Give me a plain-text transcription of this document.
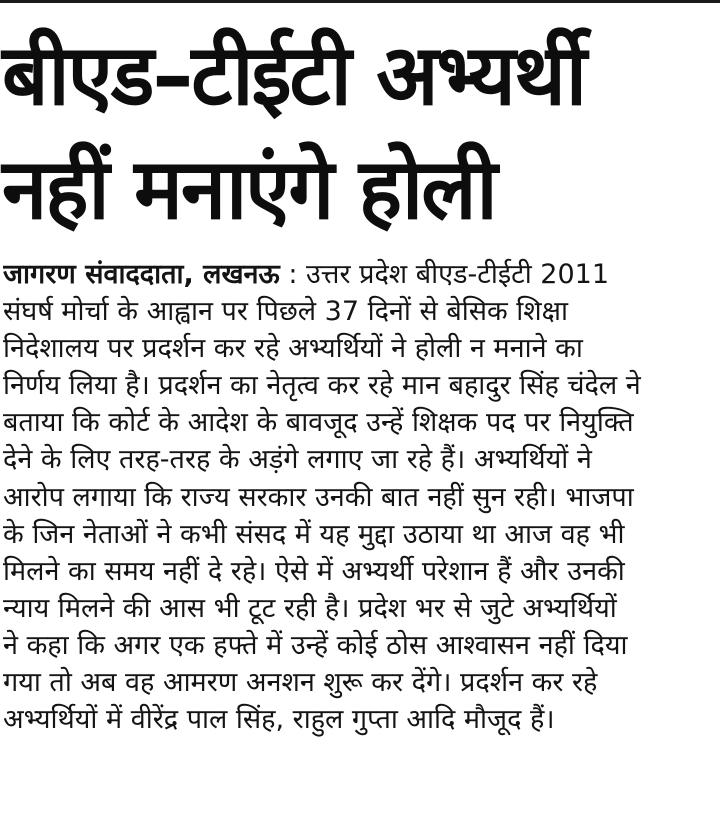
बीएड–टीईटी अभ्यर्थी
नहीं मनाएंगे होली
जागरण संवाददाता, लखनऊ : उत्तर प्रदेश बीएड-टीईटी 2011
संघर्ष मोर्चा के आह्वान पर पिछले 37 दिनों से बेसिक शिक्षा
निदेशालय पर प्रदर्शन कर रहे अभ्यर्थियों ने होली न मनाने का
निर्णय लिया है। प्रदर्शन का नेतृत्व कर रहे मान बहादुर सिंह चंदेल ने
बताया कि कोर्ट के आदेश के बावजूद उन्हें शिक्षक पद पर नियुक्ति
देने के लिए तरह-तरह के अड़ंगे लगाए जा रहे हैं। अभ्यर्थियों ने
आरोप लगाया कि राज्य सरकार उनकी बात नहीं सुन रही। भाजपा
के जिन नेताओं ने कभी संसद में यह मुद्दा उठाया था आज वह भी
मिलने का समय नहीं दे रहे। ऐसे में अभ्यर्थी परेशान हैं और उनकी
न्याय मिलने की आस भी टूट रही है। प्रदेश भर से जुटे अभ्यर्थियों
ने कहा कि अगर एक हफ्ते में उन्हें कोई ठोस आश्वासन नहीं दिया
गया तो अब वह आमरण अनशन शुरू कर देंगे। प्रदर्शन कर रहे
अभ्यर्थियों में वीरेंद्र पाल सिंह, राहुल गुप्ता आदि मौजूद हैं।
